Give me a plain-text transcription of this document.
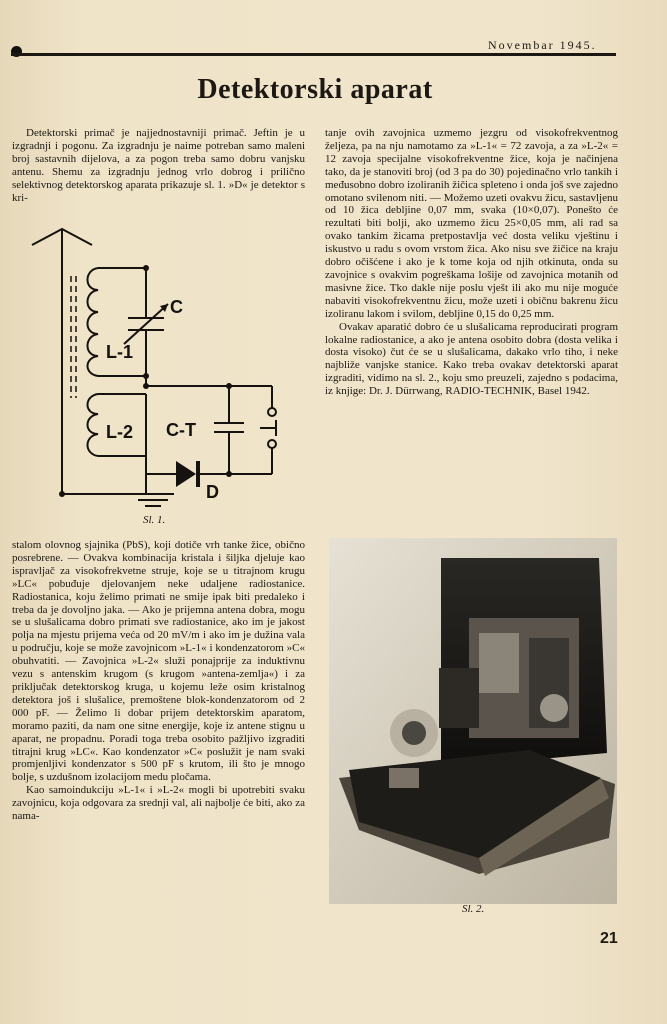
Novembar 1945.
Detektorski aparat

Detektorski primač je najjednostavniji primač. Jeftin je u izgradnji i pogonu. Za izgradnju je naime potreban samo maleni broj sastavnih dijelova, a za pogon treba samo dobru vanjsku antenu. Shemu za izgradnju jednog vrlo dobrog i prilično selektivnog detektorskog aparata prikazuje sl. 1. »D« je detektor s kri-

C
L-1
L-2 C-T
D
Sl. 1.

stalom olovnog sjajnika (PbS), koji dotiče vrh tanke žice, obično posrebrene. — Ovakva kombinacija kristala i šiljka djeluje kao ispravljač za visokofrekvetne struje, koje se u titrajnom krugu »LC« pobuđuje djelovanjem neke udaljene radiostanice. Radiostanica, koju želimo primati ne smije ipak biti predaleko i treba da je dovoljno jaka. — Ako je prijemna antena dobra, mogu se u slušalicama dobro primati sve radiostanice, ako im je jakost polja na mjestu prijema veća od 20 mV/m i ako im je dužina vala u području, koje se može zavojnicom »L-1« i kondenzatorom »C« obuhvatiti. — Zavojnica »L-2« služi ponajprije za induktivnu vezu s antenskim krugom (s krugom »antena-zemlja«) i za priključak detektorskog kruga, u kojemu leže osim kristalnog detektora još i slušalice, premoštene blok-kondenzatorom od 2 000 pF. — Želimo li dobar prijem detektorskim aparatom, moramo paziti, da nam one sitne energije, koje iz antene stignu u aparat, ne propadnu. Poradi toga treba osobito pažljivo izgraditi titrajni krug »LC«. Kao kondenzator »C« poslužit je nam svaki promjenljivi kondenzator s 500 pF s krutom, ili što je mnogo bolje, s uzdušnom izolacijom medu pločama.

Kao samoindukciju »L-1« i »L-2« mogli bi upotrebiti svaku zavojnicu, koja odgovara za srednji val, ali najbolje će biti, ako za nama-

tanje ovih zavojnica uzmemo jezgru od visokofrekventnog željeza, pa na nju namotamo za »L-1« = 72 zavoja, a za »L-2« = 12 zavoja specijalne visokofrekventne žice, koja je načinjena tako, da je stanoviti broj (od 3 pa do 30) pojedinačno vrlo tankih i međusobno dobro izoliranih žičica spleteno i onda još sve zajedno omotano svilenom niti. — Možemo uzeti ovakvu žicu, sastavljenu od 10 žica debljine 0,07 mm, svaka (10×0,07). Ponešto će rezultati biti bolji, ako uzmemo žicu 25×0,05 mm, ali rad sa ovako tankim žicama pretpostavlja već dosta veliku vještinu i iskustvo u radu s ovom vrstom žica. Ako nisu sve žičice na kraju dobro očišćene i ako je k tome koja od njih otkinuta, onda su zavojnice s ovakvim pogreškama lošije od zavojnica motanih od masivne žice. Tko dakle nije poslu vješt ili ako mu nije moguće nabaviti visokofrekventnu žicu, može uzeti i običnu bakrenu žicu izoliranu lakom i svilom, debljine 0,15 do 0,25 mm.

Ovakav aparatić dobro će u slušalicama reproducirati program lokalne radiostanice, a ako je antena osobito dobra (dosta velika i dosta visoko) čut će se u slušalicama, dakako vrlo tiho, i neke najbliže vanjske stanice. Kako treba ovakav detektorski aparat izgraditi, vidimo na sl. 2., koju smo preuzeli, zajedno s podacima, iz knjige: Dr. J. Dürrwang, RADIO-TECHNIK, Basel 1942.

Sl. 2.
21
